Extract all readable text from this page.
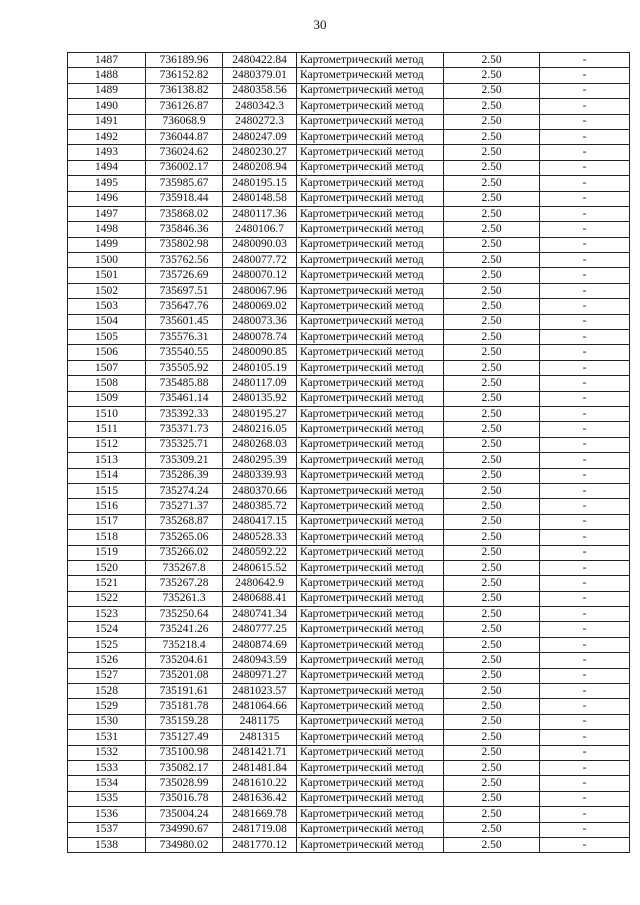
30
1487	736189.96	2480422.84	Картометрический метод	2.50	-
1488	736152.82	2480379.01	Картометрический метод	2.50	-
1489	736138.82	2480358.56	Картометрический метод	2.50	-
1490	736126.87	2480342.3	Картометрический метод	2.50	-
1491	736068.9	2480272.3	Картометрический метод	2.50	-
1492	736044.87	2480247.09	Картометрический метод	2.50	-
1493	736024.62	2480230.27	Картометрический метод	2.50	-
1494	736002.17	2480208.94	Картометрический метод	2.50	-
1495	735985.67	2480195.15	Картометрический метод	2.50	-
1496	735918.44	2480148.58	Картометрический метод	2.50	-
1497	735868.02	2480117.36	Картометрический метод	2.50	-
1498	735846.36	2480106.7	Картометрический метод	2.50	-
1499	735802.98	2480090.03	Картометрический метод	2.50	-
1500	735762.56	2480077.72	Картометрический метод	2.50	-
1501	735726.69	2480070.12	Картометрический метод	2.50	-
1502	735697.51	2480067.96	Картометрический метод	2.50	-
1503	735647.76	2480069.02	Картометрический метод	2.50	-
1504	735601.45	2480073.36	Картометрический метод	2.50	-
1505	735576.31	2480078.74	Картометрический метод	2.50	-
1506	735540.55	2480090.85	Картометрический метод	2.50	-
1507	735505.92	2480105.19	Картометрический метод	2.50	-
1508	735485.88	2480117.09	Картометрический метод	2.50	-
1509	735461.14	2480135.92	Картометрический метод	2.50	-
1510	735392.33	2480195.27	Картометрический метод	2.50	-
1511	735371.73	2480216.05	Картометрический метод	2.50	-
1512	735325.71	2480268.03	Картометрический метод	2.50	-
1513	735309.21	2480295.39	Картометрический метод	2.50	-
1514	735286.39	2480339.93	Картометрический метод	2.50	-
1515	735274.24	2480370.66	Картометрический метод	2.50	-
1516	735271.37	2480385.72	Картометрический метод	2.50	-
1517	735268.87	2480417.15	Картометрический метод	2.50	-
1518	735265.06	2480528.33	Картометрический метод	2.50	-
1519	735266.02	2480592.22	Картометрический метод	2.50	-
1520	735267.8	2480615.52	Картометрический метод	2.50	-
1521	735267.28	2480642.9	Картометрический метод	2.50	-
1522	735261.3	2480688.41	Картометрический метод	2.50	-
1523	735250.64	2480741.34	Картометрический метод	2.50	-
1524	735241.26	2480777.25	Картометрический метод	2.50	-
1525	735218.4	2480874.69	Картометрический метод	2.50	-
1526	735204.61	2480943.59	Картометрический метод	2.50	-
1527	735201.08	2480971.27	Картометрический метод	2.50	-
1528	735191.61	2481023.57	Картометрический метод	2.50	-
1529	735181.78	2481064.66	Картометрический метод	2.50	-
1530	735159.28	2481175	Картометрический метод	2.50	-
1531	735127.49	2481315	Картометрический метод	2.50	-
1532	735100.98	2481421.71	Картометрический метод	2.50	-
1533	735082.17	2481481.84	Картометрический метод	2.50	-
1534	735028.99	2481610.22	Картометрический метод	2.50	-
1535	735016.78	2481636.42	Картометрический метод	2.50	-
1536	735004.24	2481669.78	Картометрический метод	2.50	-
1537	734990.67	2481719.08	Картометрический метод	2.50	-
1538	734980.02	2481770.12	Картометрический метод	2.50	-
